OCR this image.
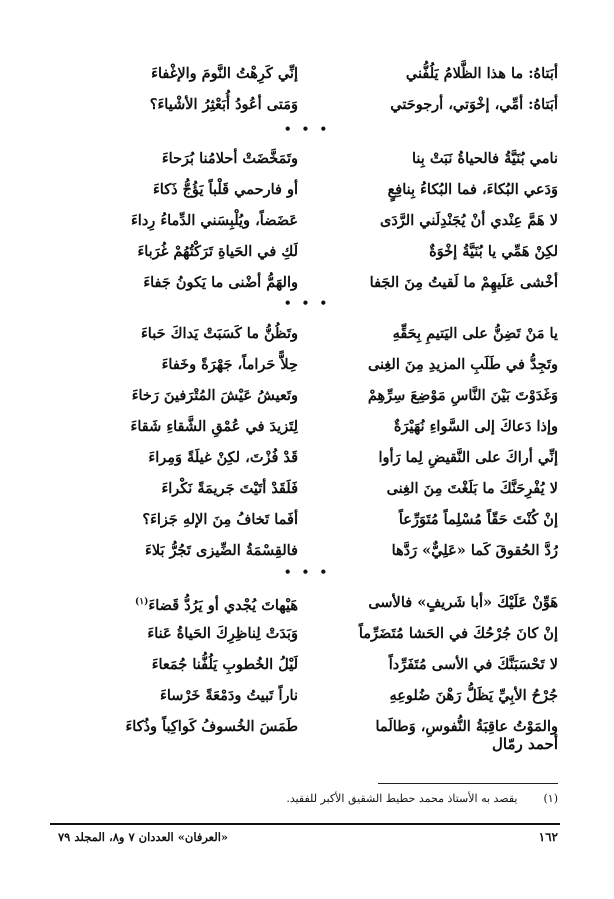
أبَتاهُ: ما هذا الظَّلامُ يَلُفُّني
إنِّي كَرِهْتُ النَّومَ والإغْفاءَ
أبَتاهُ: أمِّي، إخْوَتي، أرجوحَتي
وَمَتى أعُودُ أُبَعْثِرُ الأشْياءَ؟
• • •
نامي بُنَيَّةُ فالحياةُ نَبَتْ بِنا
وتَمَخَّضَتْ أحلامُنا بُرَحاءَ
وَدَعي البُكاءَ، فما البُكاءُ بِنافِعٍ
أو فارحمي قَلْباً يَؤُجُّ ذَكاءَ
لا هَمَّ عِنْدي أنْ يُجَنْدِلَني الرَّدَى
عَضَضاً، ويُلْبِسَني الدِّماءُ رِداءَ
لكِنْ هَمِّي يا بُنَيَّةُ إخْوَةٌ
لَكِ في الحَياةِ تَرَكْتُهُمْ غُرَباءَ
أخْشى عَلَيهِمْ ما لَقيتُ مِنَ الجَفا
والهَمُّ أضْنى ما يَكونُ جَفاءَ
• • •
يا مَنْ تَضِنُّ على اليَتيمِ بِحَقِّهِ
وتَظُنُّ ما كَسَبَتْ يَداكَ حَباءَ
وتَجِدُّ في طَلَبِ المزيدِ مِنَ الغِنى
حِلاًّ حَراماً، جَهْرَةً وخَفاءَ
وَغَدَوْتَ بَيْنَ النَّاسِ مَوْضِعَ سِرِّهِمْ
وتَعيشُ عَيْشَ المُتْرَفينَ رَخاءَ
وإذا دَعاكَ إلى السَّواءِ نُهَيْرَةٌ
لِتَزيدَ في عُمْقِ الشَّقاءِ شَقاءَ
إنِّي أراكَ على النَّقيضِ لِما رَأوا
قَدْ فُزْتَ، لكِنْ غيلَةً وَمِراءَ
لا يُفْرِحَنَّكَ ما بَلَغْتَ مِنَ الغِنى
فَلَقَدْ أتَيْتَ جَريمَةً نَكْراءَ
إنْ كُنْتَ حَقّاً مُسْلِماً مُتَوَرِّعاً
أفَما تَخافُ مِنَ الإلهِ جَزاءَ؟
رُدَّ الحُقوقَ كَما «عَلِيٌّ» رَدَّها
فالقِسْمَةُ الضِّيزى تَجُرُّ بَلاءَ
• • •
هَوِّنْ عَلَيْكَ «أبا شَريفٍ» فالأسى
هَيْهاتَ يُجْدي أو يَرُدُّ قَضاءَ$^{(١)}$
إنْ كانَ جُرْحُكَ في الحَشا مُتَضَرِّماً
وَبَدَتْ لِناظِرِكَ الحَياةُ عَناءَ
لا تَحْسَبَنَّكَ في الأسى مُتَفَرِّداً
لَيْلُ الخُطوبِ يَلُفُّنا جُمَعاءَ
جُرْحُ الأبِيِّ يَظَلُّ رَهْنَ ضُلوعِهِ
ناراً تَبيتُ ودَمْعَةً خَرْساءَ
والمَوْتُ عاقِبَةُ النُّفوسِ، وَطالَما
طَمَسَ الخُسوفُ كَواكِباً وذُكاءَ
أحمد رمّال
(١)يقصد به الأستاذ محمد حطيط الشقيق الأكبر للفقيد.
١٦٢
«العرفان» العددان ٧ و٨، المجلد ٧٩
